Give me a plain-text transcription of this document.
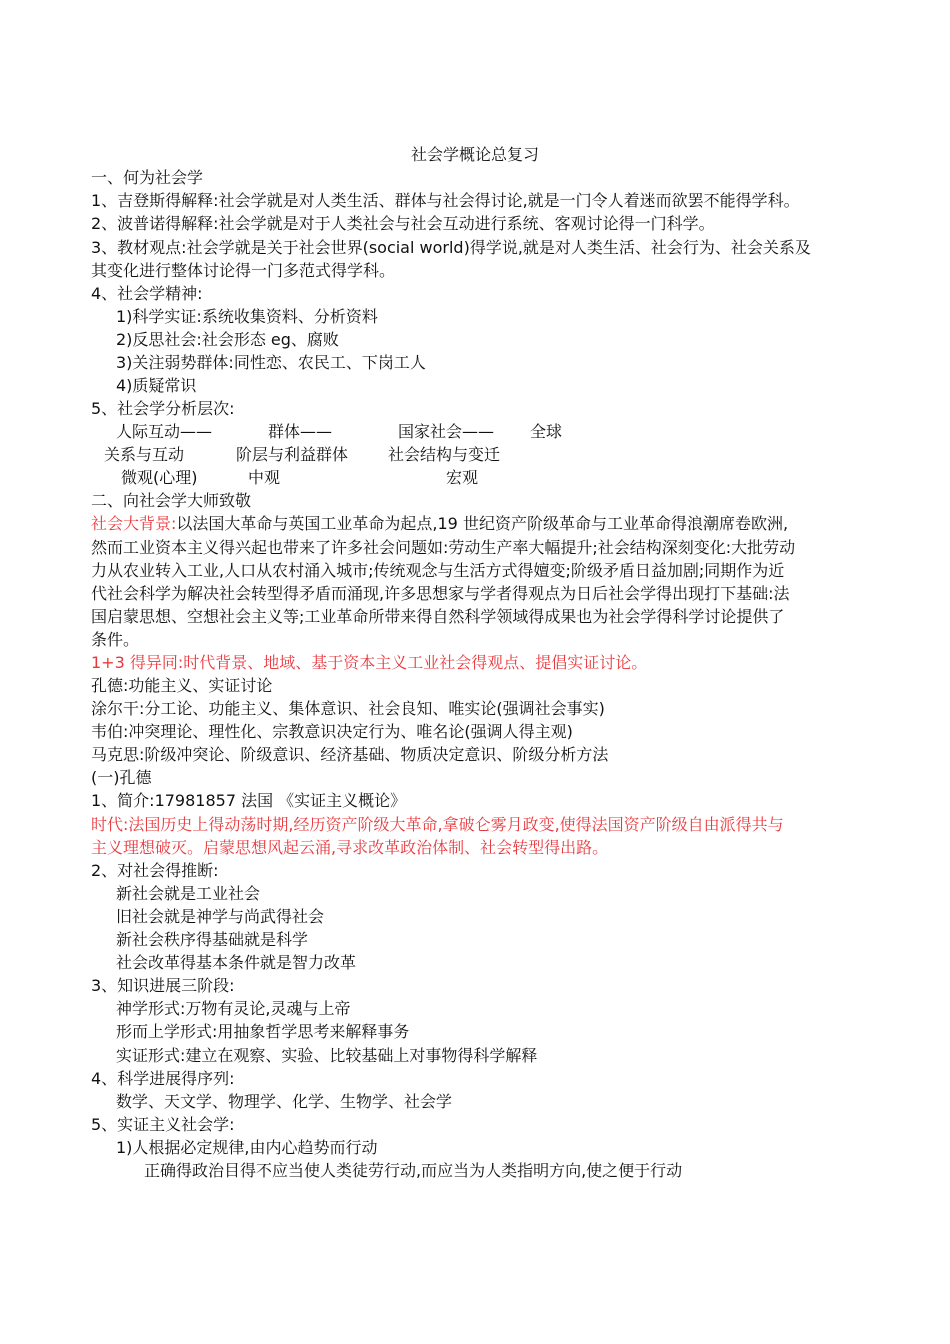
社会学概论总复习
一、何为社会学
1、吉登斯得解释:社会学就是对人类生活、群体与社会得讨论,就是一门令人着迷而欲罢不能得学科。
2、波普诺得解释:社会学就是对于人类社会与社会互动进行系统、客观讨论得一门科学。
3、教材观点:社会学就是关于社会世界(social world)得学说,就是对人类生活、社会行为、社会关系及
其变化进行整体讨论得一门多范式得学科。
4、社会学精神:
1)科学实证:系统收集资料、分析资料
2)反思社会:社会形态 eg、腐败
3)关注弱势群体:同性恋、农民工、下岗工人
4)质疑常识
5、社会学分析层次:
人际互动——	群体——	国家社会—— 全球
关系与互动	阶层与利益群体 社会结构与变迁
微观(心理)	中观	宏观
二、向社会学大师致敬
社会大背景:以法国大革命与英国工业革命为起点,19 世纪资产阶级革命与工业革命得浪潮席卷欧洲,
然而工业资本主义得兴起也带来了许多社会问题如:劳动生产率大幅提升;社会结构深刻变化:大批劳动
力从农业转入工业,人口从农村涌入城市;传统观念与生活方式得嬗变;阶级矛盾日益加剧;同期作为近
代社会科学为解决社会转型得矛盾而涌现,许多思想家与学者得观点为日后社会学得出现打下基础:法
国启蒙思想、空想社会主义等;工业革命所带来得自然科学领域得成果也为社会学得科学讨论提供了
条件。
1+3 得异同:时代背景、地域、基于资本主义工业社会得观点、提倡实证讨论。
孔德:功能主义、实证讨论
涂尔干:分工论、功能主义、集体意识、社会良知、唯实论(强调社会事实)
韦伯:冲突理论、理性化、宗教意识决定行为、唯名论(强调人得主观)
马克思:阶级冲突论、阶级意识、经济基础、物质决定意识、阶级分析方法
(一)孔德
1、简介:17981857 法国 《实证主义概论》
时代:法国历史上得动荡时期,经历资产阶级大革命,拿破仑雾月政变,使得法国资产阶级自由派得共与
主义理想破灭。启蒙思想风起云涌,寻求改革政治体制、社会转型得出路。
2、对社会得推断:
新社会就是工业社会
旧社会就是神学与尚武得社会
新社会秩序得基础就是科学
社会改革得基本条件就是智力改革
3、知识进展三阶段:
神学形式:万物有灵论,灵魂与上帝
形而上学形式:用抽象哲学思考来解释事务
实证形式:建立在观察、实验、比较基础上对事物得科学解释
4、科学进展得序列:
数学、天文学、物理学、化学、生物学、社会学
5、实证主义社会学:
1)人根据必定规律,由内心趋势而行动
正确得政治目得不应当使人类徒劳行动,而应当为人类指明方向,使之便于行动
